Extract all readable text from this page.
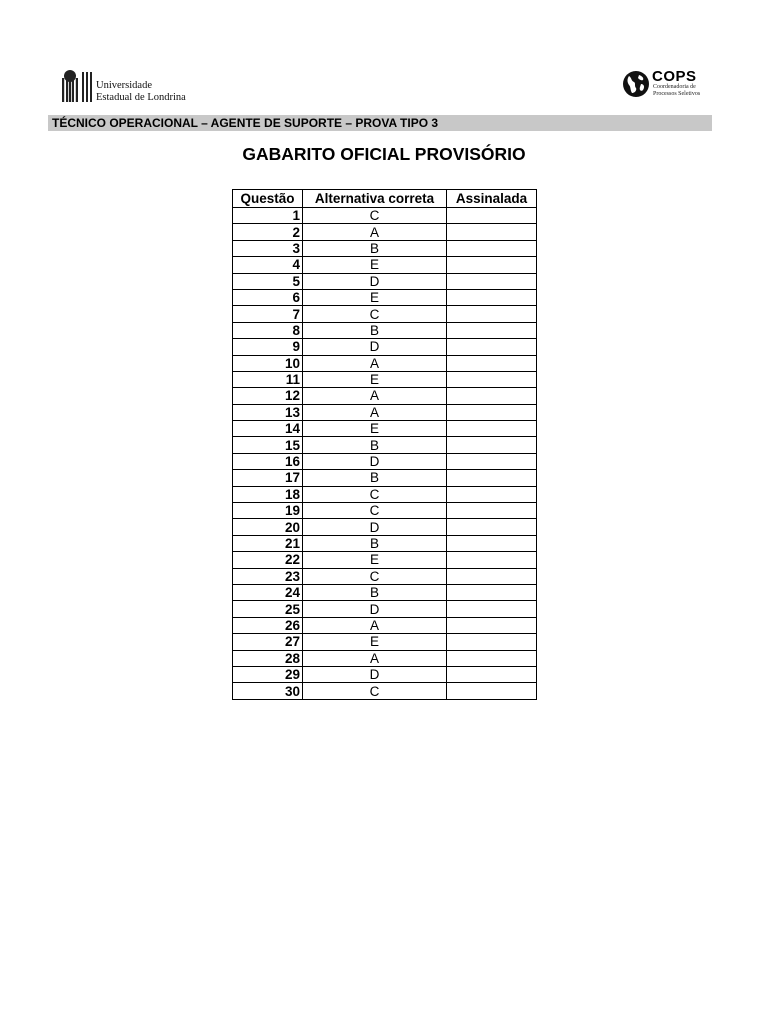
Universidade
Estadual de Londrina
COPS
Coordenadoria de
Processos Seletivos
TÉCNICO OPERACIONAL – AGENTE DE SUPORTE – PROVA TIPO 3
GABARITO OFICIAL PROVISÓRIO
Questão	Alternativa correta	Assinalada
1	C	
2	A	
3	B	
4	E	
5	D	
6	E	
7	C	
8	B	
9	D	
10	A	
11	E	
12	A	
13	A	
14	E	
15	B	
16	D	
17	B	
18	C	
19	C	
20	D	
21	B	
22	E	
23	C	
24	B	
25	D	
26	A	
27	E	
28	A	
29	D	
30	C	
